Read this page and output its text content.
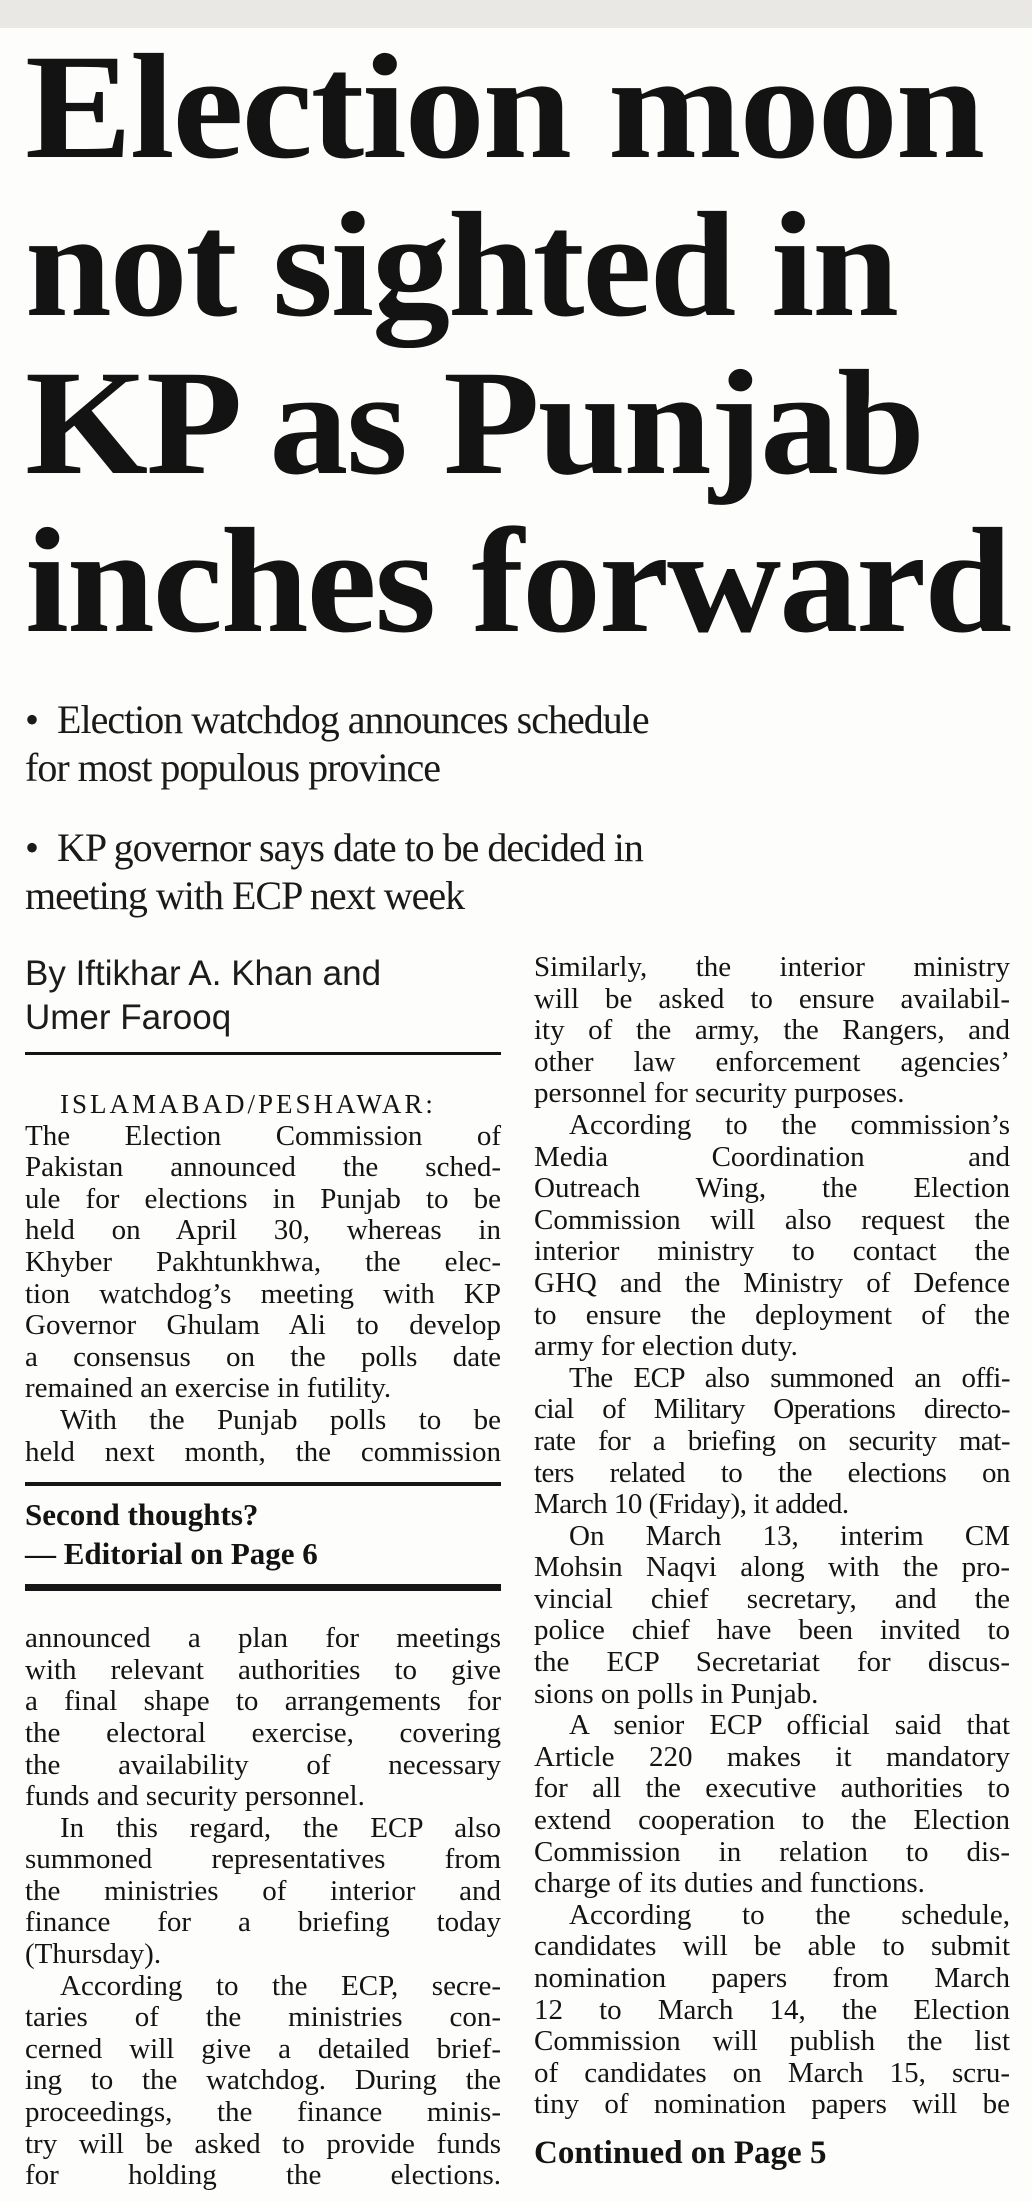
Election moon
not sighted in
KP as Punjab
inches forward
• Election watchdog announces schedule
for most populous province
• KP governor says date to be decided in
meeting with ECP next week
By Iftikhar A. Khan and
Umer Farooq
ISLAMABAD/PESHAWAR:
The Election Commission of
Pakistan announced the sched-
ule for elections in Punjab to be
held on April 30, whereas in
Khyber Pakhtunkhwa, the elec-
tion watchdog’s meeting with KP
Governor Ghulam Ali to develop
a consensus on the polls date
remained an exercise in futility.
With the Punjab polls to be
held next month, the commission
Second thoughts?
— Editorial on Page 6
announced a plan for meetings
with relevant authorities to give
a final shape to arrangements for
the electoral exercise, covering
the availability of necessary
funds and security personnel.
In this regard, the ECP also
summoned representatives from
the ministries of interior and
finance for a briefing today
(Thursday).
According to the ECP, secre-
taries of the ministries con-
cerned will give a detailed brief-
ing to the watchdog. During the
proceedings, the finance minis-
try will be asked to provide funds
for holding the elections.
Similarly, the interior ministry
will be asked to ensure availabil-
ity of the army, the Rangers, and
other law enforcement agencies’
personnel for security purposes.
According to the commission’s
Media Coordination and
Outreach Wing, the Election
Commission will also request the
interior ministry to contact the
GHQ and the Ministry of Defence
to ensure the deployment of the
army for election duty.
The ECP also summoned an offi-
cial of Military Operations directo-
rate for a briefing on security mat-
ters related to the elections on
March 10 (Friday), it added.
On March 13, interim CM
Mohsin Naqvi along with the pro-
vincial chief secretary, and the
police chief have been invited to
the ECP Secretariat for discus-
sions on polls in Punjab.
A senior ECP official said that
Article 220 makes it mandatory
for all the executive authorities to
extend cooperation to the Election
Commission in relation to dis-
charge of its duties and functions.
According to the schedule,
candidates will be able to submit
nomination papers from March
12 to March 14, the Election
Commission will publish the list
of candidates on March 15, scru-
tiny of nomination papers will be
Continued on Page 5
